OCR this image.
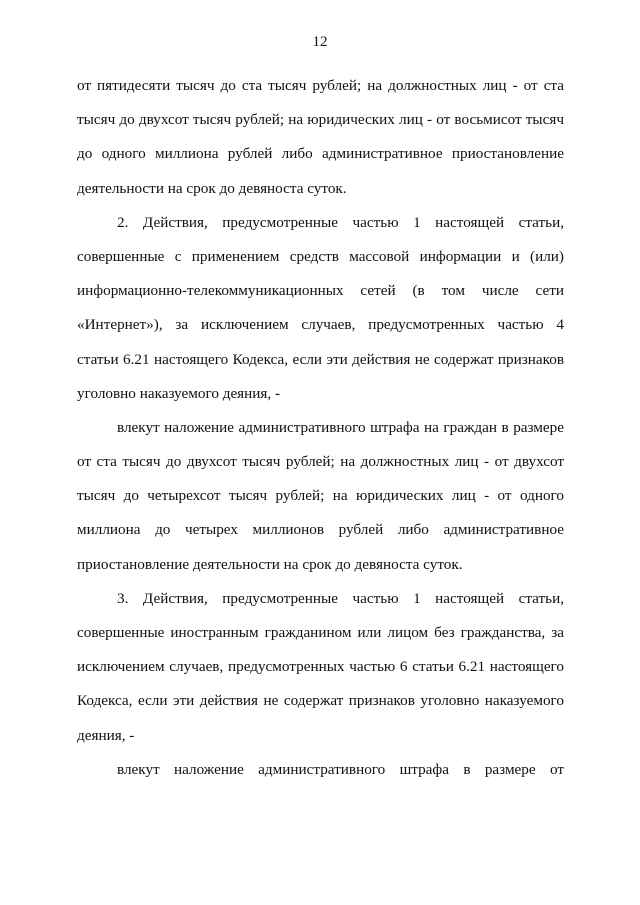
12
от пятидесяти тысяч до ста тысяч рублей; на должностных лиц - от ста
тысяч до двухсот тысяч рублей; на юридических лиц - от восьмисот тысяч
до одного миллиона рублей либо административное приостановление
деятельности на срок до девяноста суток.
2. Действия, предусмотренные частью 1 настоящей статьи,
совершенные с применением средств массовой информации и (или)
информационно-телекоммуникационных сетей (в том числе сети
«Интернет»), за исключением случаев, предусмотренных частью 4
статьи 6.21 настоящего Кодекса, если эти действия не содержат признаков
уголовно наказуемого деяния, -
влекут наложение административного штрафа на граждан в размере
от ста тысяч до двухсот тысяч рублей; на должностных лиц - от двухсот
тысяч до четырехсот тысяч рублей; на юридических лиц - от одного
миллиона до четырех миллионов рублей либо административное
приостановление деятельности на срок до девяноста суток.
3. Действия, предусмотренные частью 1 настоящей статьи,
совершенные иностранным гражданином или лицом без гражданства, за
исключением случаев, предусмотренных частью 6 статьи 6.21 настоящего
Кодекса, если эти действия не содержат признаков уголовно наказуемого
деяния, -
влекут наложение административного штрафа в размере от
